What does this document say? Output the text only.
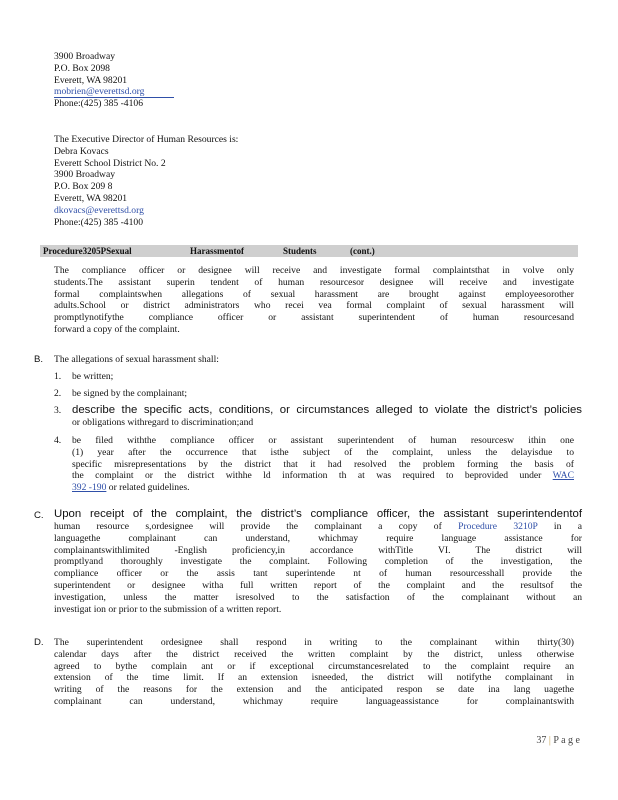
3900 Broadway
P.O. Box 2098
Everett, WA 98201
mobrien@everettsd.org
Phone:(425) 385 -4106
The Executive Director of Human Resources is:
Debra Kovacs
Everett School District No. 2
3900 Broadway
P.O. Box 209 8
Everett, WA 98201
dkovacs@everettsd.org
Phone:(425) 385 -4100
Procedure3205PSexual	Harassmentof	Students	(cont.)
The compliance officer or designee will receive and investigate formal complaintsthat in volve only
students.The assistant superin tendent of human resourcesor designee will receive and investigate
formal complaintswhen allegations of sexual harassment are brought against employeesorother
adults.School or district administrators who recei vea formal complaint of sexual harassment will
promptlynotifythe compliance officer or assistant superintendent of human resourcesand
forward a copy of the complaint.
B. The allegations of sexual harassment shall:
1. be written;
2. be signed by the complainant;
3. describe the specific acts, conditions, or circumstances alleged to violate the district’s policies
or obligations withregard to discrimination;and
4. be filed withthe compliance officer or assistant superintendent of human resourcesw ithin one
(1) year after the occurrence that isthe subject of the complaint, unless the delayisdue to
specific misrepresentations by the district that it had resolved the problem forming the basis of
the complaint or the district withhe ld information th at was required to beprovided under WAC
392 -190 or related guidelines.
C. Upon receipt of the complaint, the district’s compliance officer, the assistant superintendentof
human resource s,ordesignee will provide the complainant a copy of Procedure 3210P in a
languagethe complainant can understand, whichmay require language assistance for
complainantswithlimited -English proficiency,in accordance withTitle VI. The district will
promptlyand thoroughly investigate the complaint. Following completion of the investigation, the
compliance officer or the assis tant superintende nt of human resourcesshall provide the
superintendent or designee witha full written report of the complaint and the resultsof the
investigation, unless the matter isresolved to the satisfaction of the complainant without an
investigat ion or prior to the submission of a written report.
D. The superintendent ordesignee shall respond in writing to the complainant within thirty(30)
calendar days after the district received the written complaint by the district, unless otherwise
agreed to bythe complain ant or if exceptional circumstancesrelated to the complaint require an
extension of the time limit. If an extension isneeded, the district will notifythe complainant in
writing of the reasons for the extension and the anticipated respon se date ina lang uagethe
complainant can understand, whichmay require languageassistance for complainantswith
37 | P a g e
